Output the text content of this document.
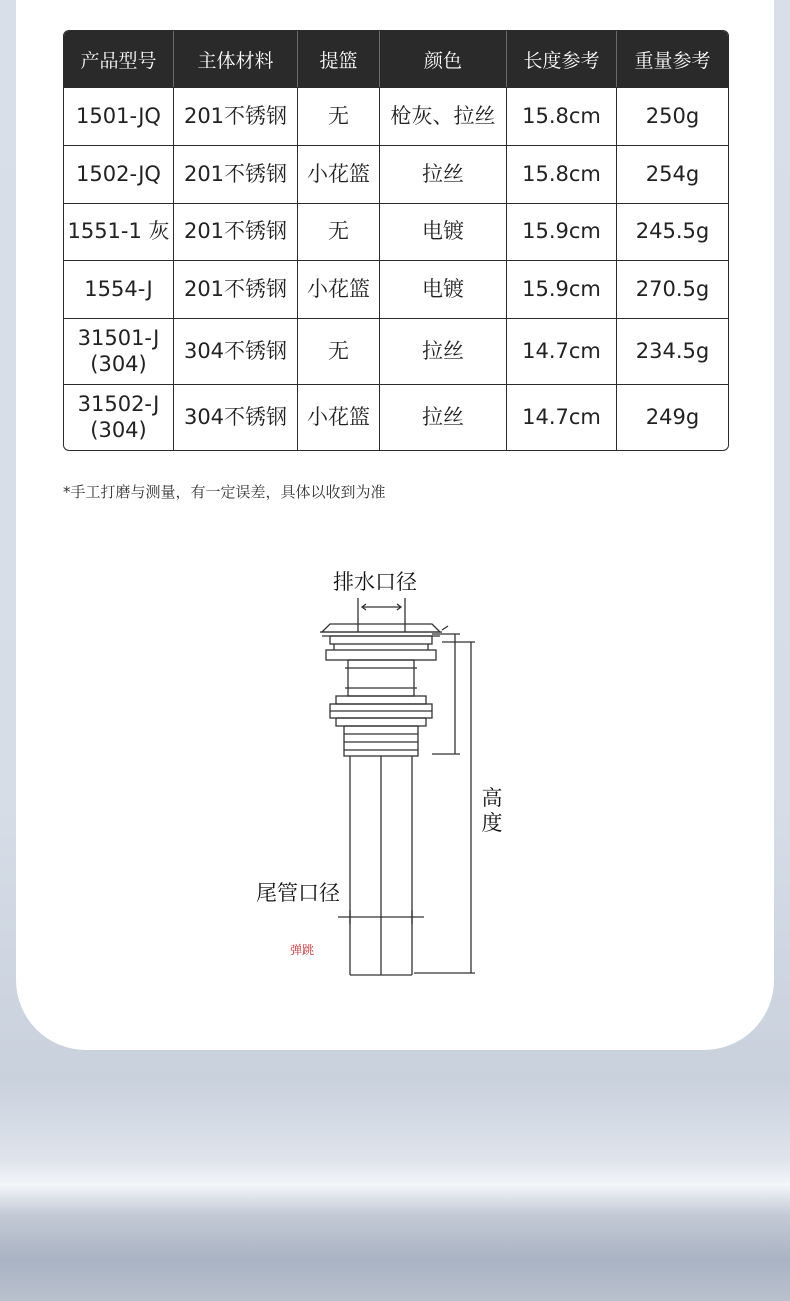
产品型号	主体材料	提篮	颜色	长度参考	重量参考
1501-JQ	201不锈钢	无	枪灰、拉丝	15.8cm	250g
1502-JQ	201不锈钢	小花篮	拉丝	15.8cm	254g
1551-1 灰	201不锈钢	无	电镀	15.9cm	245.5g
1554-J	201不锈钢	小花篮	电镀	15.9cm	270.5g
31501-J (304)	304不锈钢	无	拉丝	14.7cm	234.5g
31502-J (304)	304不锈钢	小花篮	拉丝	14.7cm	249g
*手工打磨与测量，有一定误差，具体以收到为准
排水口径
高度
尾管口径
弹跳
